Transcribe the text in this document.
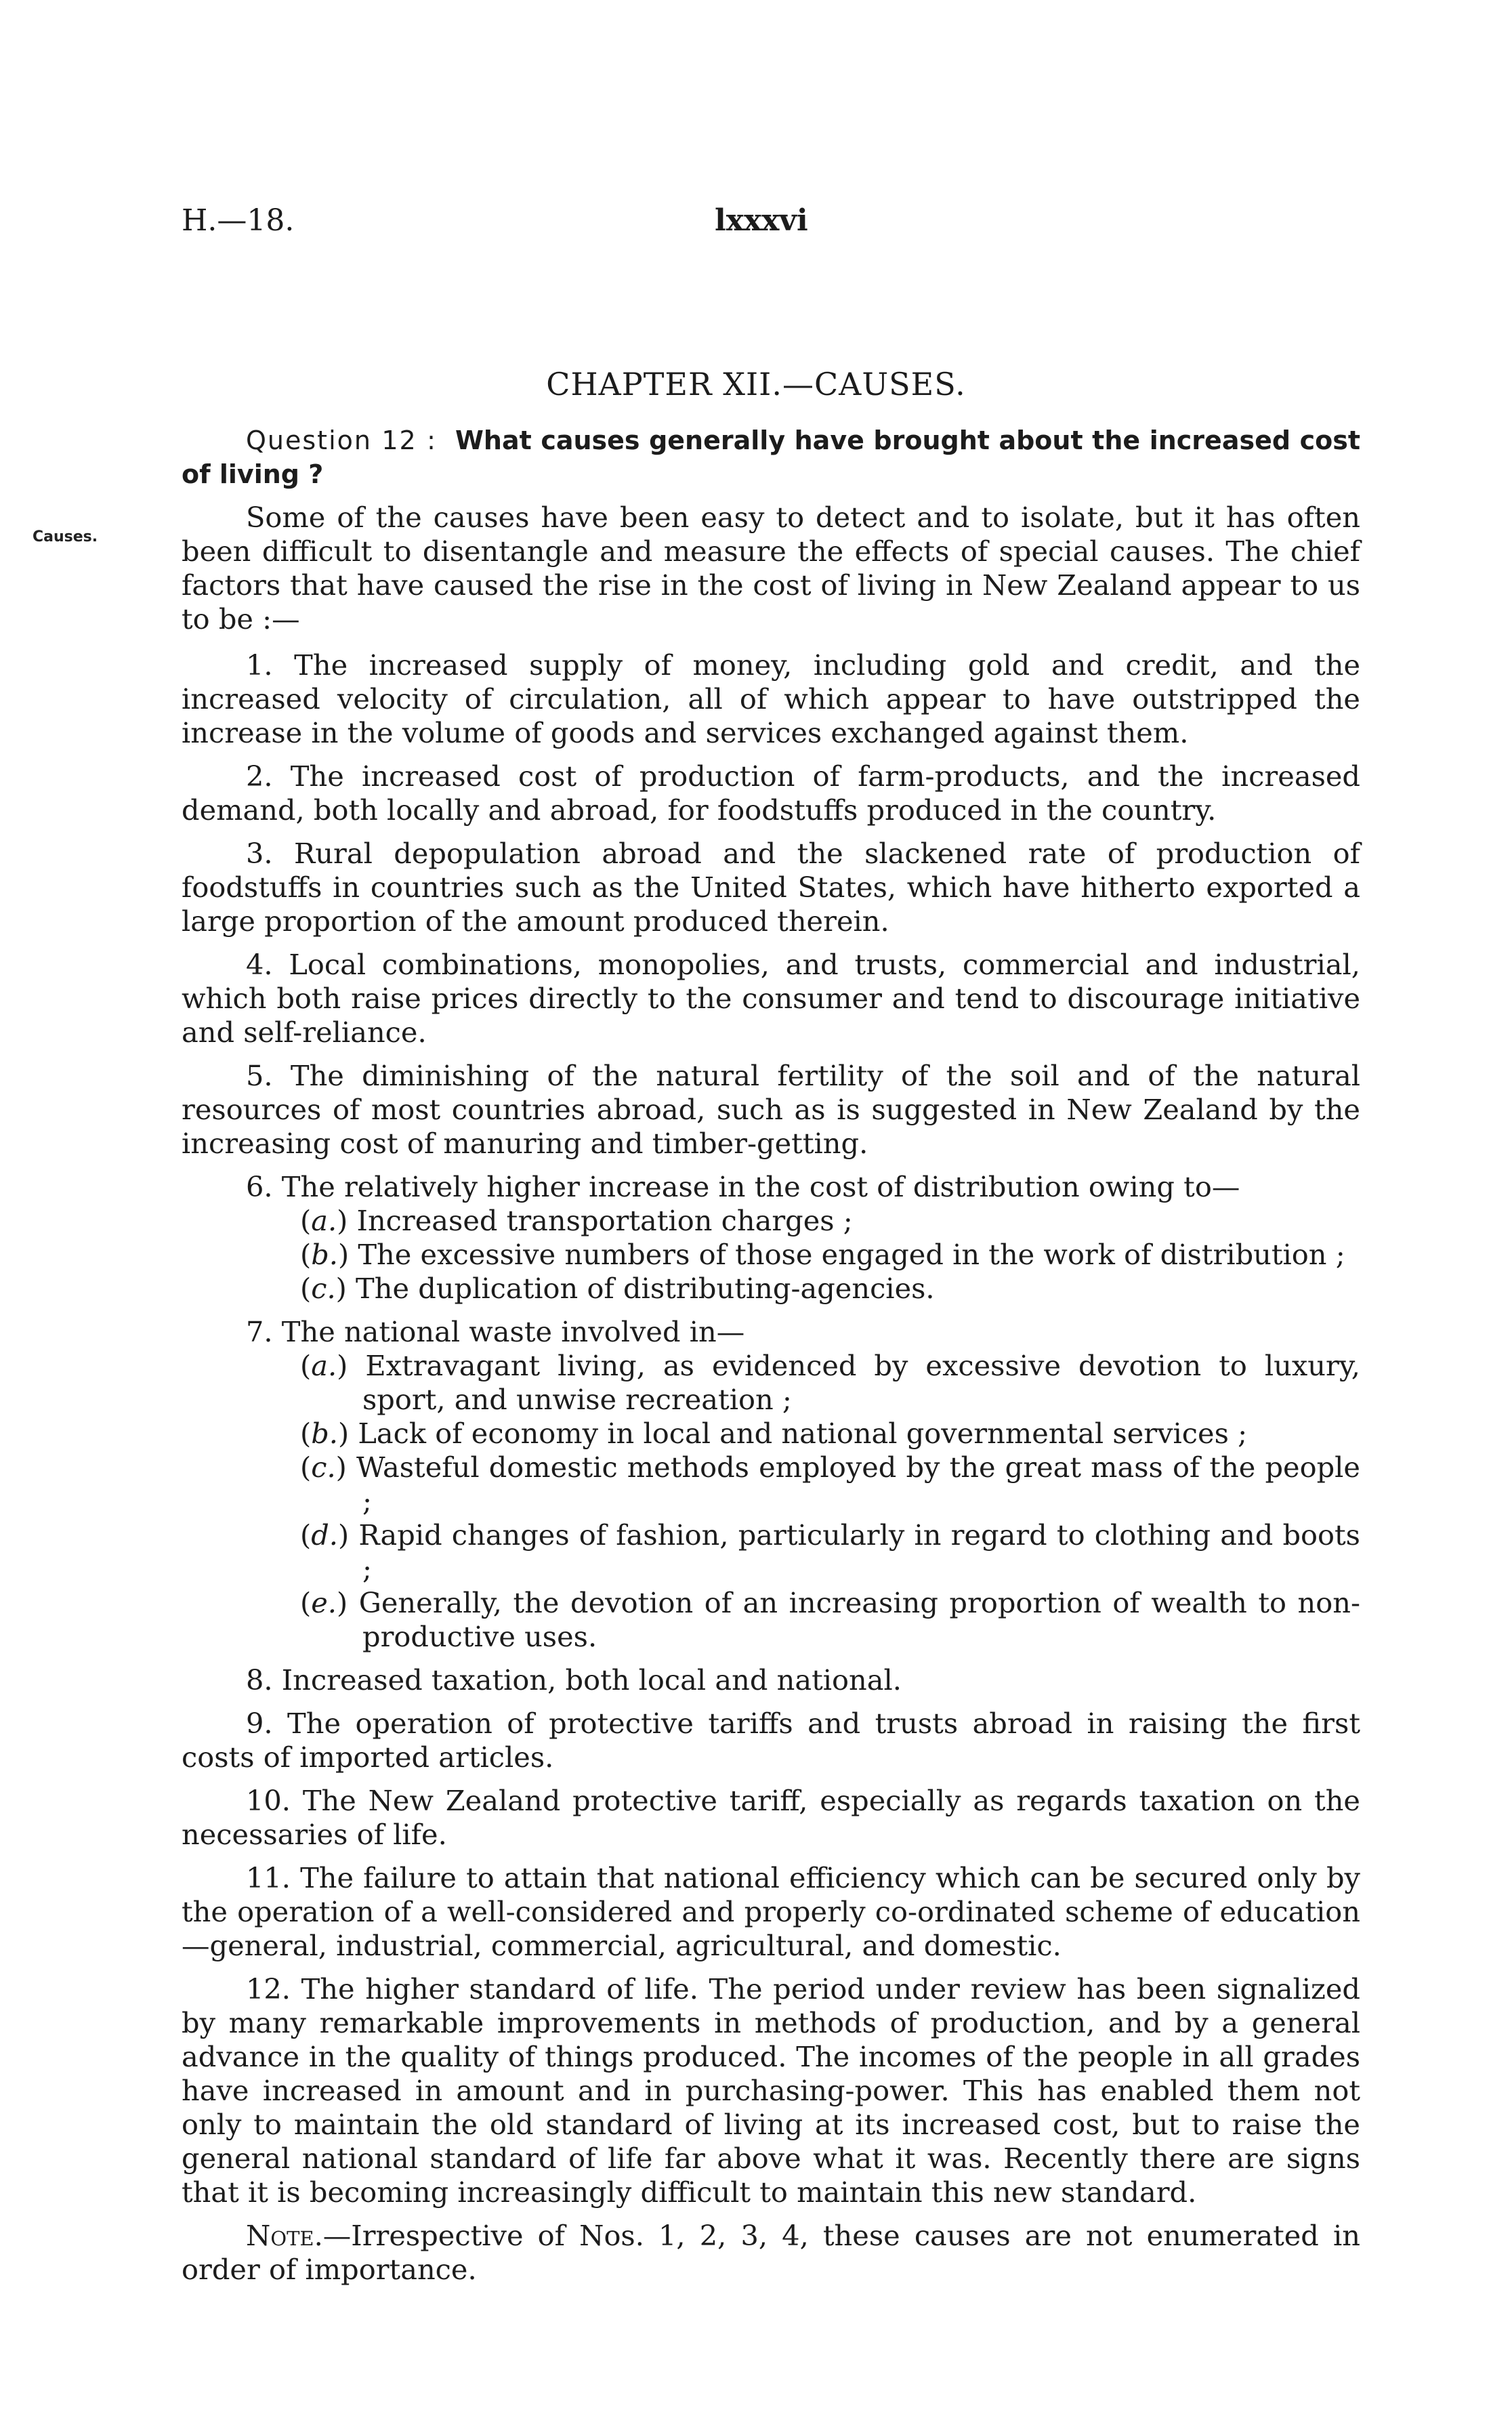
H.—18.	lxxxvi
CHAPTER XII.—CAUSES.
Causes.
Question 12 : What causes generally have brought about the increased cost of living ?

Some of the causes have been easy to detect and to isolate, but it has often been difficult to disentangle and measure the effects of special causes. The chief factors that have caused the rise in the cost of living in New Zealand appear to us to be :—

1. The increased supply of money, including gold and credit, and the increased velocity of circulation, all of which appear to have outstripped the increase in the volume of goods and services exchanged against them.

2. The increased cost of production of farm-products, and the increased demand, both locally and abroad, for foodstuffs produced in the country.

3. Rural depopulation abroad and the slackened rate of production of foodstuffs in countries such as the United States, which have hitherto exported a large proportion of the amount produced therein.

4. Local combinations, monopolies, and trusts, commercial and industrial, which both raise prices directly to the consumer and tend to discourage initiative and self-reliance.

5. The diminishing of the natural fertility of the soil and of the natural resources of most countries abroad, such as is suggested in New Zealand by the increasing cost of manuring and timber-getting.

6. The relatively higher increase in the cost of distribution owing to—

(a.) Increased transportation charges ;
(b.) The excessive numbers of those engaged in the work of distribution ;
(c.) The duplication of distributing-agencies.

7. The national waste involved in—

(a.) Extravagant living, as evidenced by excessive devotion to luxury, sport, and unwise recreation ;
(b.) Lack of economy in local and national governmental services ;
(c.) Wasteful domestic methods employed by the great mass of the people ;
(d.) Rapid changes of fashion, particularly in regard to clothing and boots ;
(e.) Generally, the devotion of an increasing proportion of wealth to non-productive uses.

8. Increased taxation, both local and national.

9. The operation of protective tariffs and trusts abroad in raising the first costs of imported articles.

10. The New Zealand protective tariff, especially as regards taxation on the necessaries of life.

11. The failure to attain that national efficiency which can be secured only by the operation of a well-considered and properly co-ordinated scheme of education —general, industrial, commercial, agricultural, and domestic.

12. The higher standard of life. The period under review has been signalized by many remarkable improvements in methods of production, and by a general advance in the quality of things produced. The incomes of the people in all grades have increased in amount and in purchasing-power. This has enabled them not only to maintain the old standard of living at its increased cost, but to raise the general national standard of life far above what it was. Recently there are signs that it is becoming increasingly difficult to maintain this new standard.

Note.—Irrespective of Nos. 1, 2, 3, 4, these causes are not enumerated in order of importance.
